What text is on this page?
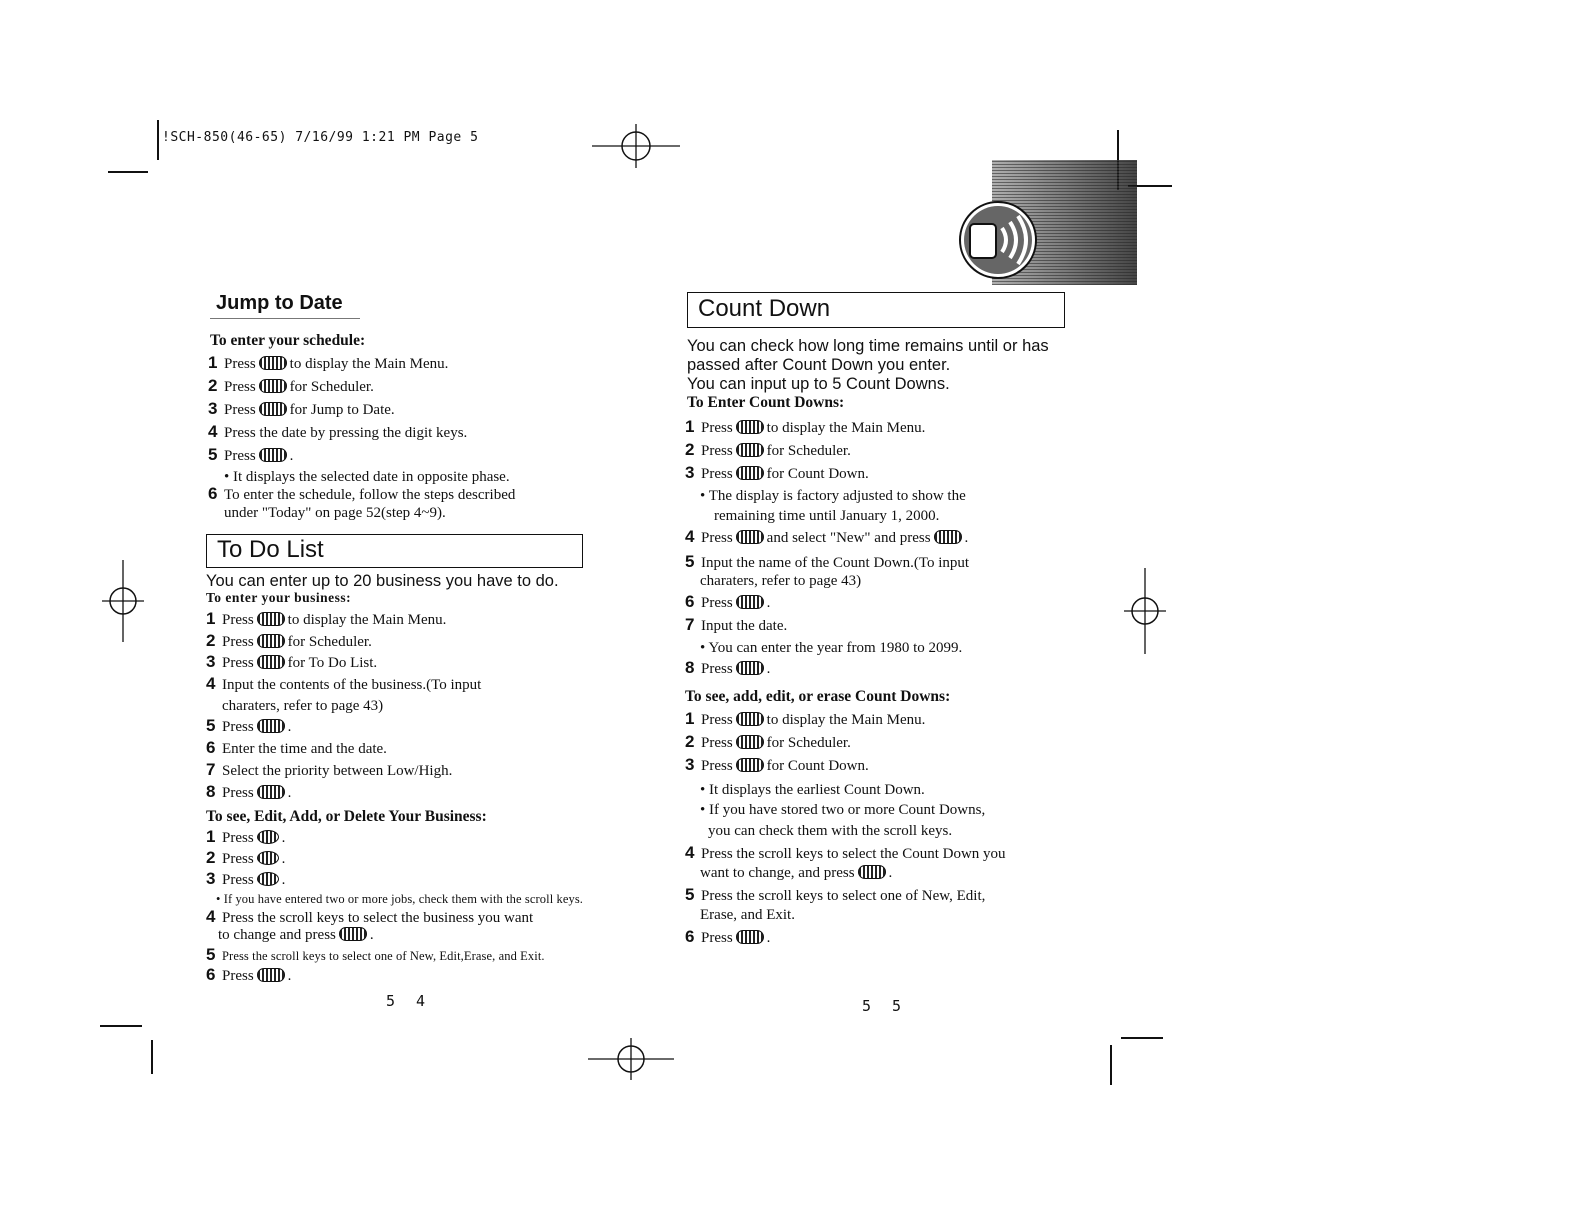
!SCH-850(46-65) 7/16/99 1:21 PM Page 5
Jump to Date
To enter your schedule:
1 Press to display the Main Menu.
2 Press for Scheduler.
3 Press for Jump to Date.
4 Press the date by pressing the digit keys.
5 Press .
• It displays the selected date in opposite phase.
6 To enter the schedule, follow the steps described
under "Today" on page 52(step 4~9).
To Do List
You can enter up to 20 business you have to do.
To enter your business:
1 Press to display the Main Menu.
2 Press for Scheduler.
3 Press for To Do List.
4 Input the contents of the business.(To input
charaters, refer to page 43)
5 Press .
6 Enter the time and the date.
7 Select the priority between Low/High.
8 Press .
To see, Edit, Add, or Delete Your Business:
1 Press .
2 Press .
3 Press .
• If you have entered two or more jobs, check them with the scroll keys.
4 Press the scroll keys to select the business you want
to change and press .
5 Press the scroll keys to select one of New, Edit,Erase, and Exit.
6 Press .
5 4
Count Down
You can check how long time remains until or has
passed after Count Down you enter.
You can input up to 5 Count Downs.
To Enter Count Downs:
1 Press to display the Main Menu.
2 Press for Scheduler.
3 Press for Count Down.
• The display is factory adjusted to show the
remaining time until January 1, 2000.
4 Press and select "New" and press .
5 Input the name of the Count Down.(To input
charaters, refer to page 43)
6 Press .
7 Input the date.
• You can enter the year from 1980 to 2099.
8 Press .
To see, add, edit, or erase Count Downs:
1 Press to display the Main Menu.
2 Press for Scheduler.
3 Press for Count Down.
• It displays the earliest Count Down.
• If you have stored two or more Count Downs,
you can check them with the scroll keys.
4 Press the scroll keys to select the Count Down you
want to change, and press .
5 Press the scroll keys to select one of New, Edit,
Erase, and Exit.
6 Press .
5 5
